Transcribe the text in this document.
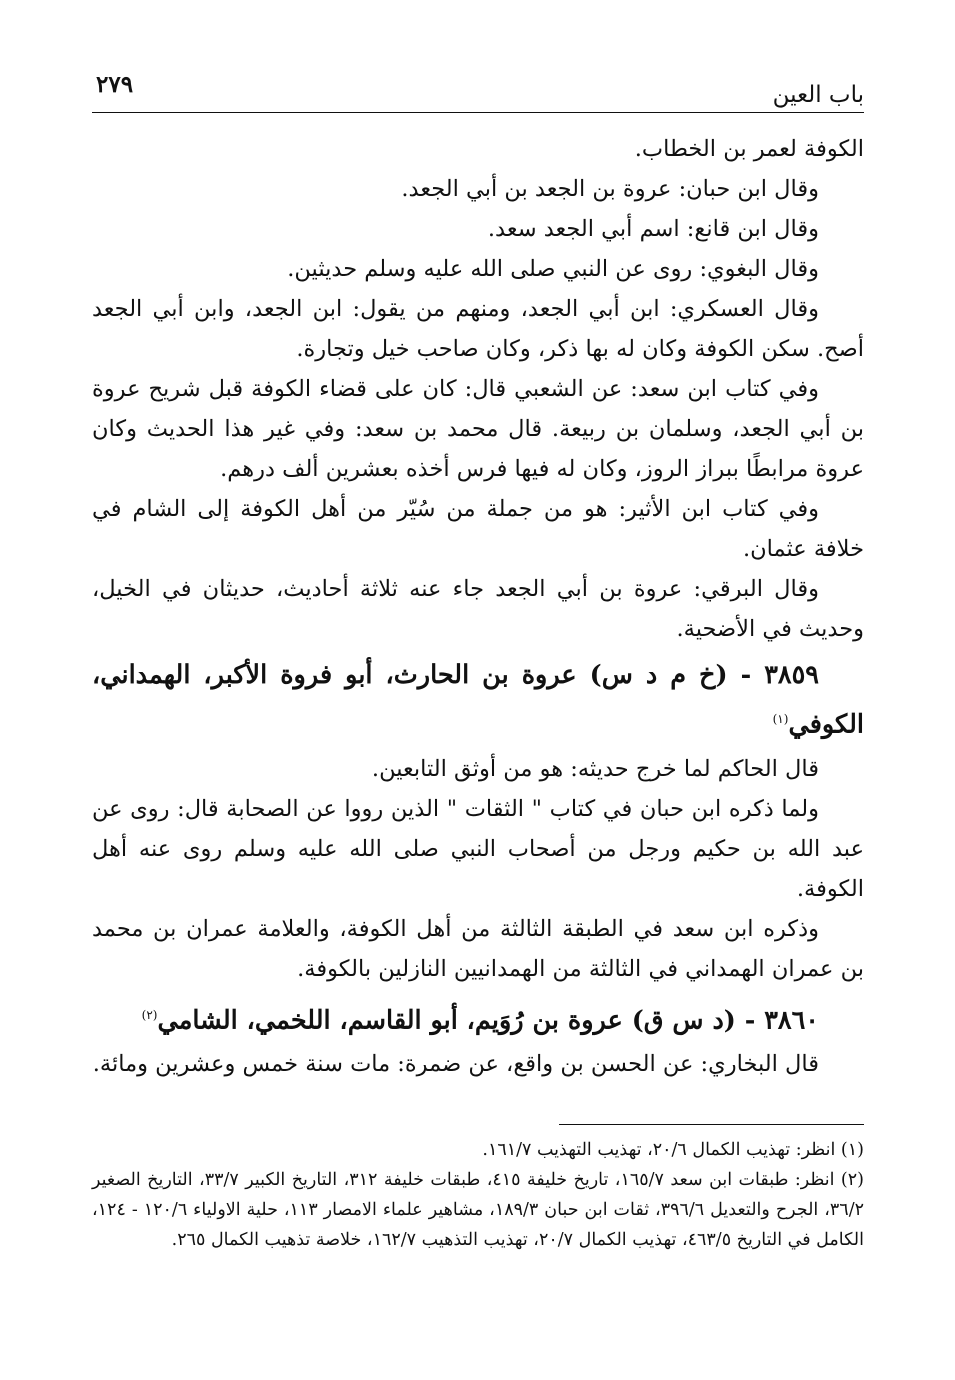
باب العين
٢٧٩

الكوفة لعمر بن الخطاب.

وقال ابن حبان: عروة بن الجعد بن أبي الجعد.

وقال ابن قانع: اسم أبي الجعد سعد.

وقال البغوي: روى عن النبي صلى الله عليه وسلم حديثين.

وقال العسكري: ابن أبي الجعد، ومنهم من يقول: ابن الجعد، وابن أبي الجعد أصح. سكن الكوفة وكان له بها ذكر، وكان صاحب خيل وتجارة.

وفي كتاب ابن سعد: عن الشعبي قال: كان على قضاء الكوفة قبل شريح عروة بن أبي الجعد، وسلمان بن ربيعة. قال محمد بن سعد: وفي غير هذا الحديث وكان عروة مرابطًا ببراز الروز، وكان له فيها فرس أخذه بعشرين ألف درهم.

وفي كتاب ابن الأثير: هو من جملة من سُيّر من أهل الكوفة إلى الشام في خلافة عثمان.

وقال البرقي: عروة بن أبي الجعد جاء عنه ثلاثة أحاديث، حديثان في الخيل، وحديث في الأضحية.

٣٨٥٩ - (خ م د س) عروة بن الحارث، أبو فروة الأكبر، الهمداني، الكوفي$^{(١)}$

قال الحاكم لما خرج حديثه: هو من أوثق التابعين.

ولما ذكره ابن حبان في كتاب " الثقات " الذين رووا عن الصحابة قال: روى عن عبد الله بن حكيم ورجل من أصحاب النبي صلى الله عليه وسلم روى عنه أهل الكوفة.

وذكره ابن سعد في الطبقة الثالثة من أهل الكوفة، والعلامة عمران بن محمد بن عمران الهمداني في الثالثة من الهمدانيين النازلين بالكوفة.

٣٨٦٠ - (د س ق) عروة بن رُوَيم، أبو القاسم، اللخمي، الشامي$^{(٢)}$

قال البخاري: عن الحسن بن واقع، عن ضمرة: مات سنة خمس وعشرين ومائة.

(١) انظر: تهذيب الكمال ٢٠/٦، تهذيب التهذيب ١٦١/٧.

(٢) انظر: طبقات ابن سعد ١٦٥/٧، تاريخ خليفة ٤١٥، طبقات خليفة ٣١٢، التاريخ الكبير ٣٣/٧، التاريخ الصغير ٣٦/٢، الجرح والتعديل ٣٩٦/٦، ثقات ابن حبان ١٨٩/٣، مشاهير علماء الامصار ١١٣، حلية الاولياء ١٢٠/٦ - ١٢٤، الكامل في التاريخ ٤٦٣/٥، تهذيب الكمال ٢٠/٧، تهذيب التذهيب ١٦٢/٧، خلاصة تذهيب الكمال ٢٦٥.
